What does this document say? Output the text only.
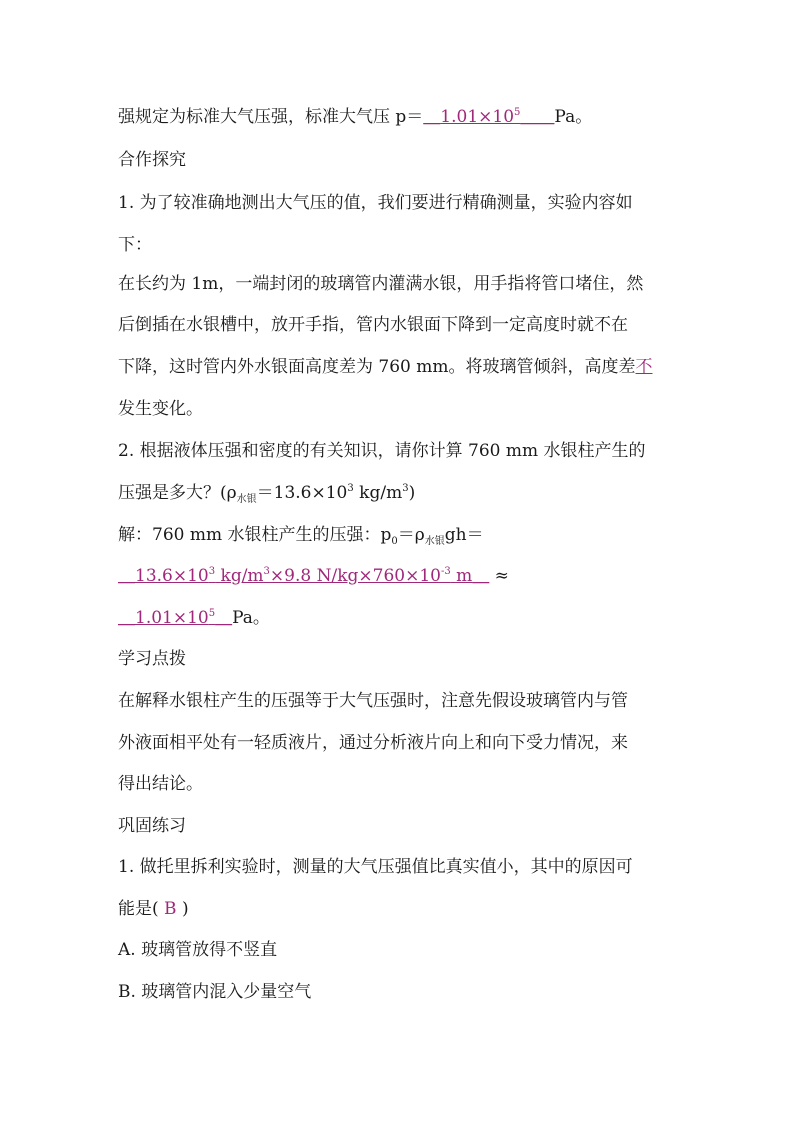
强规定为标准大气压强，标准大气压 $p=\_1.01\times 10^5\_\_Pa$。
合作探究
1. 为了较准确地测出大气压的值，我们要进行精确测量，实验内容如
下：
在长约为 1m，一端封闭的玻璃管内灌满水银，用手指将管口堵住，然
后倒插在水银槽中，放开手指，管内水银面下降到一定高度时就不在
下降，这时管内外水银面高度差为 760 mm。将玻璃管倾斜，高度差不
发生变化。
2. 根据液体压强和密度的有关知识，请你计算 760 mm 水银柱产生的
压强是多大？($\rho_{水银}=13.6\times 10^3$ $kg/m^3$)
解：760 mm 水银柱产生的压强：$p_0=\rho_{水银}gh=$
$\_13.6\times 10^3$ $kg/m^3\times 9.8$ $N/kg\times 760\times 10^{-3}$ m＿ ≈
$\_1.01\times 10^5\_Pa$。
学习点拨
在解释水银柱产生的压强等于大气压强时，注意先假设玻璃管内与管
外液面相平处有一轻质液片，通过分析液片向上和向下受力情况，来
得出结论。
巩固练习
1. 做托里拆利实验时，测量的大气压强值比真实值小，其中的原因可
能是( B )
A. 玻璃管放得不竖直
B. 玻璃管内混入少量空气
